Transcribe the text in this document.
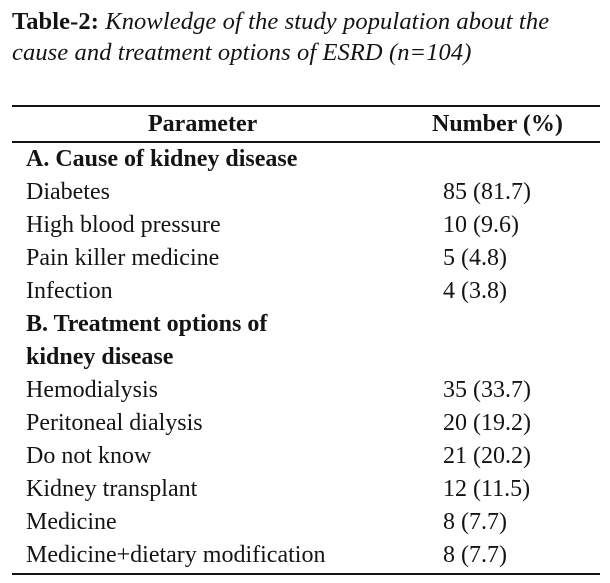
Table-2: Knowledge of the study population about the cause and treatment options of ESRD (n=104)
Parameter	Number (%)
A. Cause of kidney disease
Diabetes	85 (81.7)
High blood pressure	10 (9.6)
Pain killer medicine	5 (4.8)
Infection	4 (3.8)
B. Treatment options of
kidney disease
Hemodialysis	35 (33.7)
Peritoneal dialysis	20 (19.2)
Do not know	21 (20.2)
Kidney transplant	12 (11.5)
Medicine	8 (7.7)
Medicine+dietary modification	8 (7.7)
